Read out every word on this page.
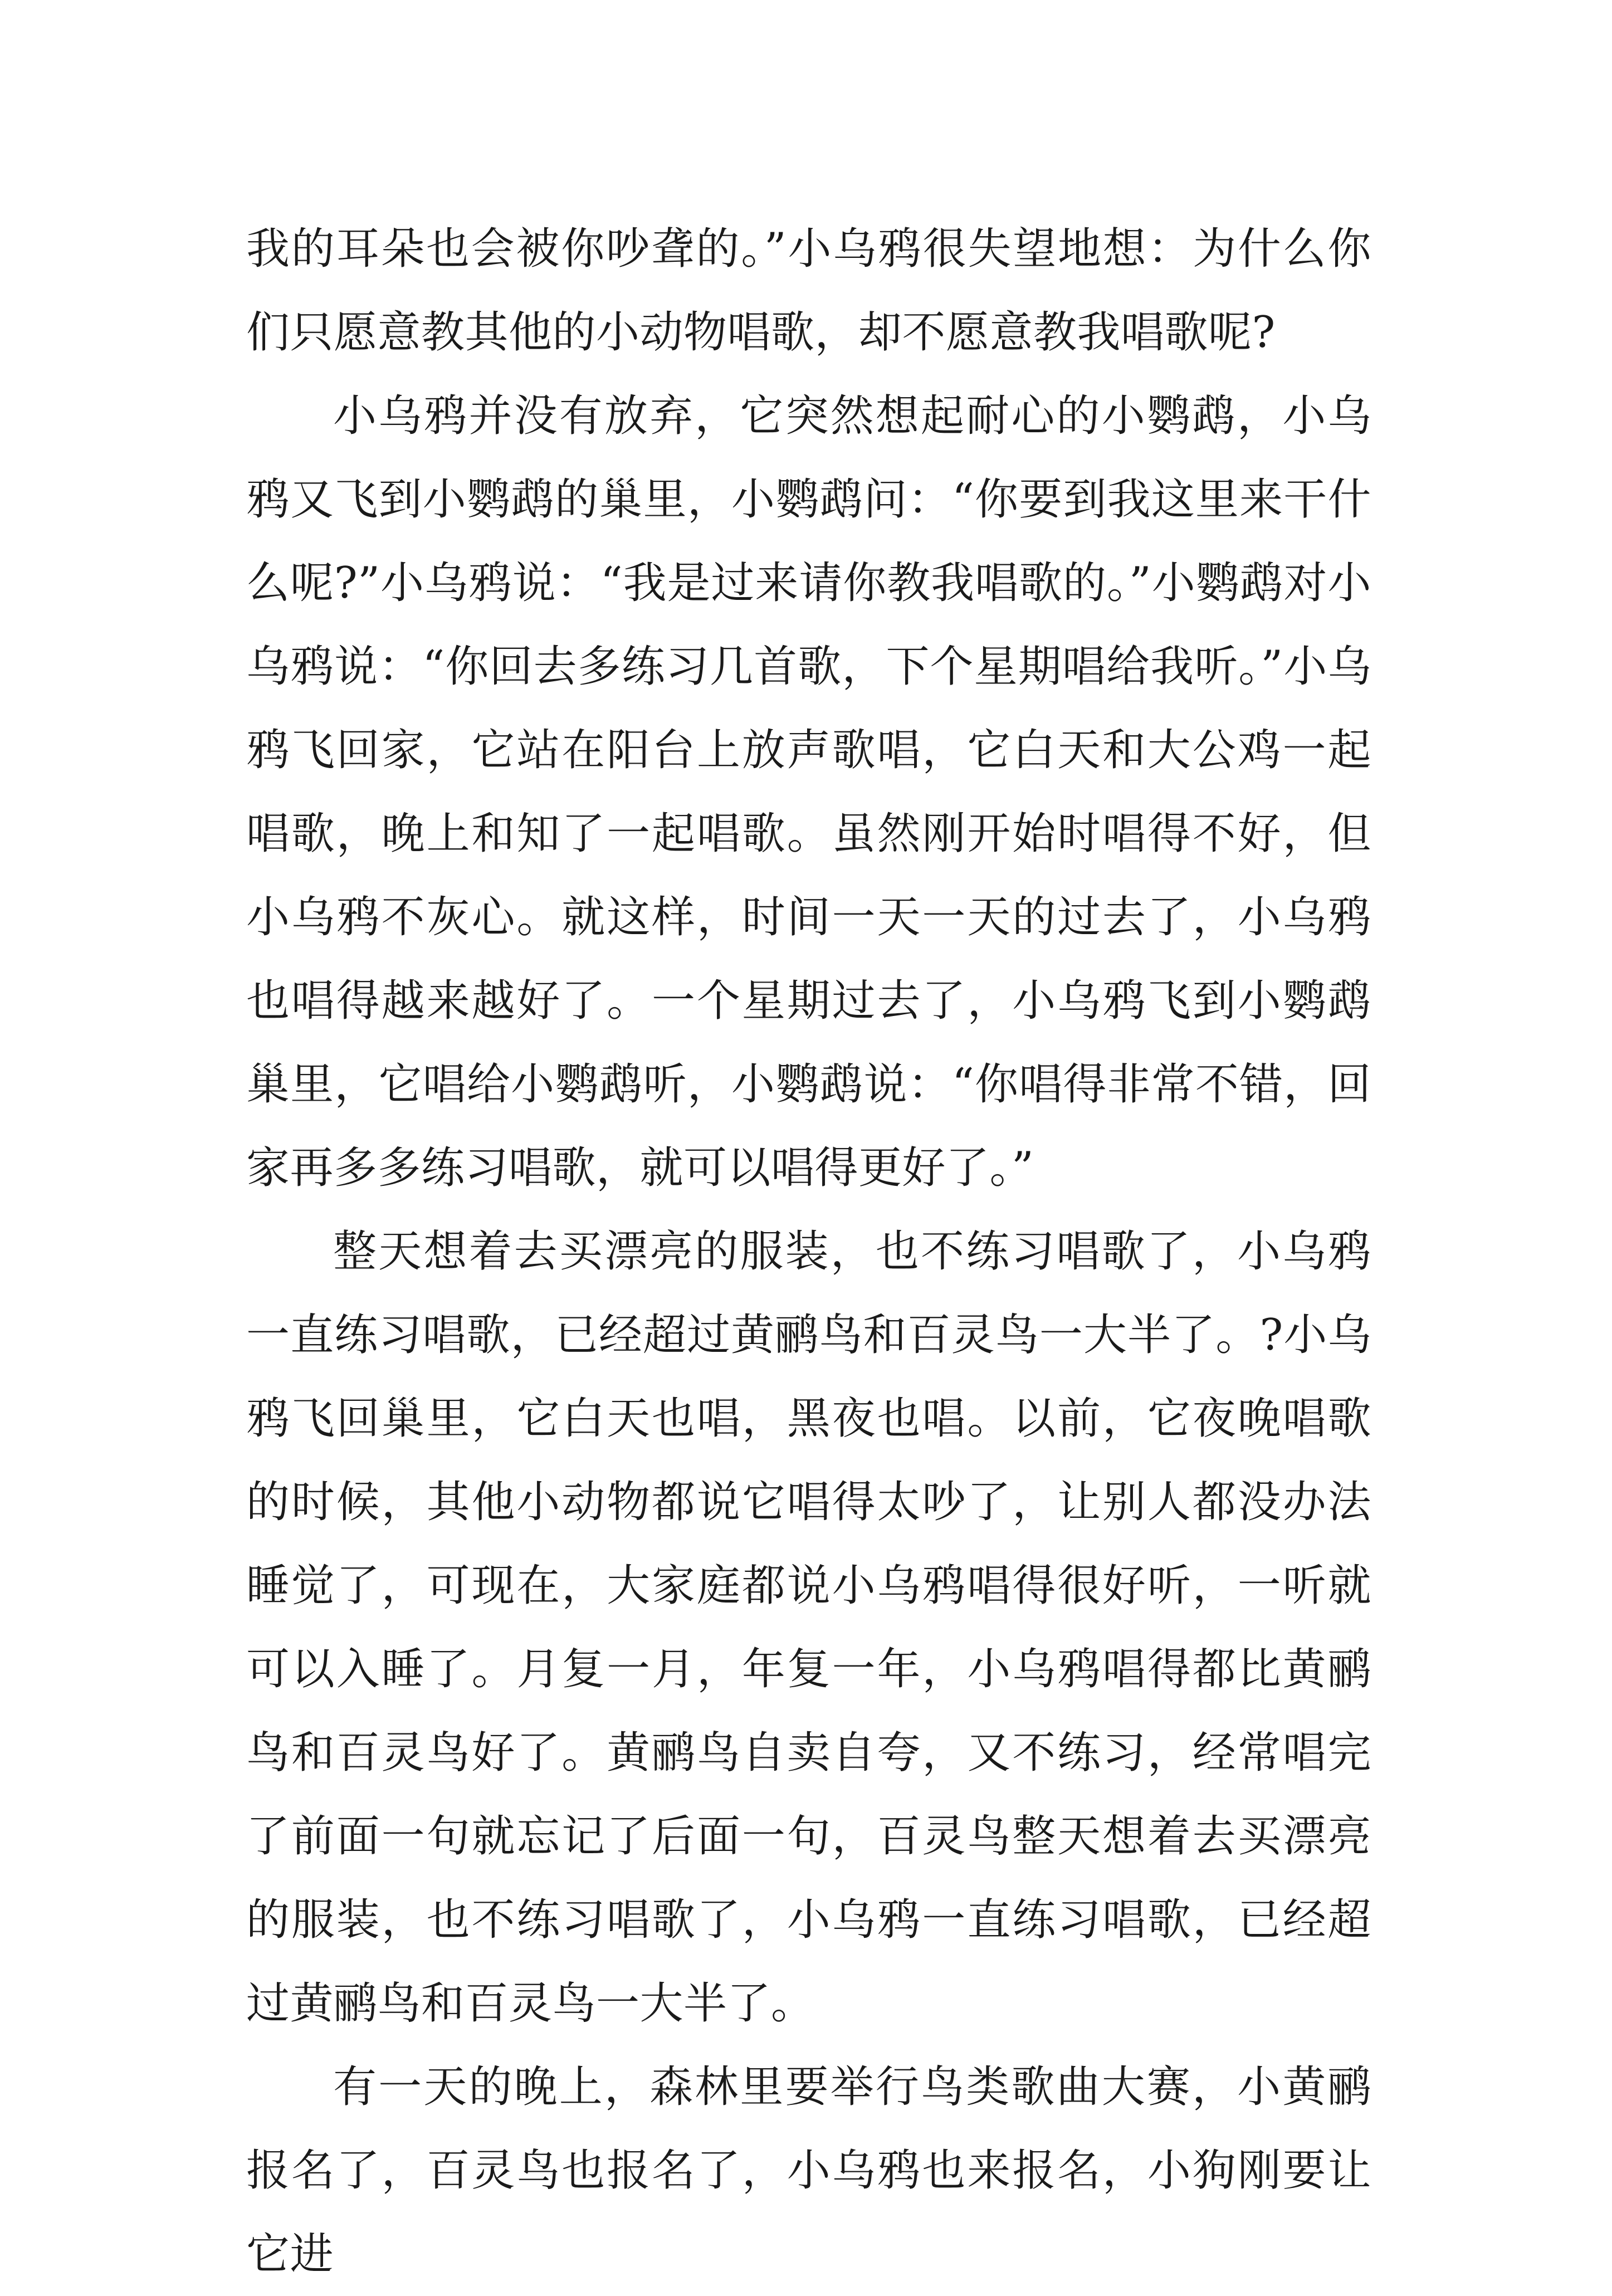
我的耳朵也会被你吵聋的。”小乌鸦很失望地想：为什么你们只愿意教其他的小动物唱歌，却不愿意教我唱歌呢?

小乌鸦并没有放弃，它突然想起耐心的小鹦鹉，小乌鸦又飞到小鹦鹉的巢里，小鹦鹉问：“你要到我这里来干什么呢?”小乌鸦说：“我是过来请你教我唱歌的。”小鹦鹉对小乌鸦说：“你回去多练习几首歌，下个星期唱给我听。”小乌鸦飞回家，它站在阳台上放声歌唱，它白天和大公鸡一起唱歌，晚上和知了一起唱歌。虽然刚开始时唱得不好，但小乌鸦不灰心。就这样，时间一天一天的过去了，小乌鸦也唱得越来越好了。一个星期过去了，小乌鸦飞到小鹦鹉巢里，它唱给小鹦鹉听，小鹦鹉说：“你唱得非常不错，回家再多多练习唱歌，就可以唱得更好了。”

整天想着去买漂亮的服装，也不练习唱歌了，小乌鸦一直练习唱歌，已经超过黄鹂鸟和百灵鸟一大半了。?小乌鸦飞回巢里，它白天也唱，黑夜也唱。以前，它夜晚唱歌的时候，其他小动物都说它唱得太吵了，让别人都没办法睡觉了，可现在，大家庭都说小乌鸦唱得很好听，一听就可以入睡了。月复一月，年复一年，小乌鸦唱得都比黄鹂鸟和百灵鸟好了。黄鹂鸟自卖自夸，又不练习，经常唱完了前面一句就忘记了后面一句，百灵鸟整天想着去买漂亮的服装，也不练习唱歌了，小乌鸦一直练习唱歌，已经超过黄鹂鸟和百灵鸟一大半了。

有一天的晚上，森林里要举行鸟类歌曲大赛，小黄鹂报名了，百灵鸟也报名了，小乌鸦也来报名，小狗刚要让它进
